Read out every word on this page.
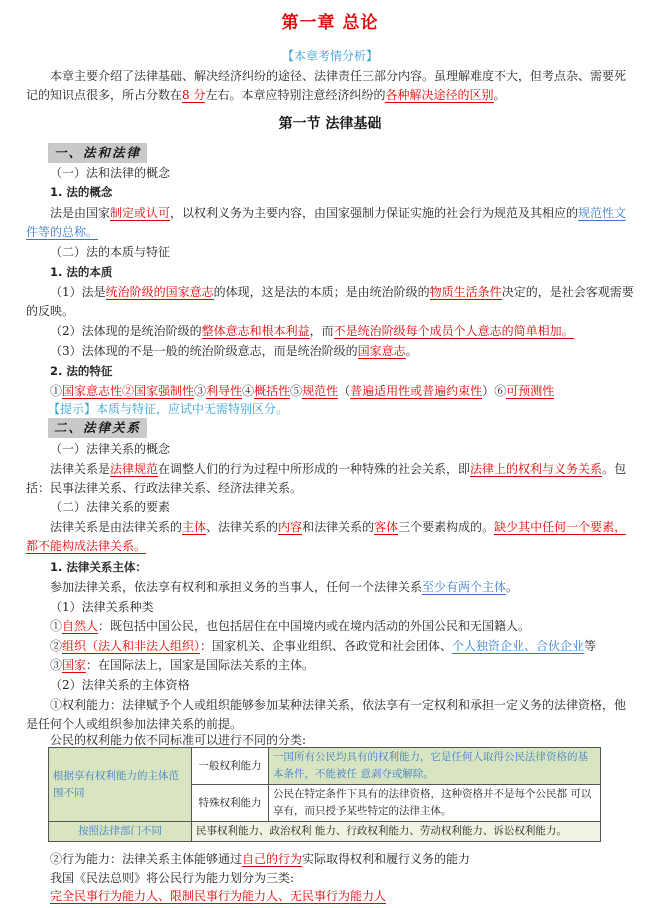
第一章 总论
【本章考情分析】
本章主要介绍了法律基础、解决经济纠纷的途径、法律责任三部分内容。虽理解难度不大，但考点杂、需要死
记的知识点很多，所占分数在8 分左右。本章应特别注意经济纠纷的各种解决途径的区别。
第一节 法律基础
一、法和法律
（一）法和法律的概念
1. 法的概念
法是由国家制定或认可，以权利义务为主要内容，由国家强制力保证实施的社会行为规范及其相应的规范性文
件等的总称。
（二）法的本质与特征
1. 法的本质
（1）法是统治阶级的国家意志的体现，这是法的本质；是由统治阶级的物质生活条件决定的，是社会客观需要
的反映。
（2）法体现的是统治阶级的整体意志和根本利益，而不是统治阶级每个成员个人意志的简单相加。
（3）法体现的不是一般的统治阶级意志，而是统治阶级的国家意志。
2. 法的特征
①国家意志性②国家强制性③利导性④概括性⑤规范性（普遍适用性或普遍约束性）⑥可预测性
【提示】本质与特征，应试中无需特别区分。
二、法律关系
（一）法律关系的概念
法律关系是法律规范在调整人们的行为过程中所形成的一种特殊的社会关系，即法律上的权利与义务关系。包
括：民事法律关系、行政法律关系、经济法律关系。
（二）法律关系的要素
法律关系是由法律关系的主体、法律关系的内容和法律关系的客体三个要素构成的。缺少其中任何一个要素，
都不能构成法律关系。
1. 法律关系主体：
参加法律关系，依法享有权利和承担义务的当事人，任何一个法律关系至少有两个主体。
（1）法律关系种类
①自然人：既包括中国公民，也包括居住在中国境内或在境内活动的外国公民和无国籍人。
②组织（法人和非法人组织）：国家机关、企事业组织、各政党和社会团体、个人独资企业、合伙企业等
③国家：在国际法上，国家是国际法关系的主体。
（2）法律关系的主体资格
①权利能力：法律赋予个人或组织能够参加某种法律关系，依法享有一定权利和承担一定义务的法律资格，他
是任何个人或组织参加法律关系的前提。
公民的权利能力依不同标准可以进行不同的分类:
根据享有权利能力的主体范围不同	一般权利能力	一国所有公民均具有的权利能力，它是任何人取得公民法律资格的基本条件，不能被任 意剥夺或解除。
	特殊权利能力	公民在特定条件下具有的法律资格，这种资格并不是每个公民都 可以享有，而只授予某些特定的法律主体。
按照法律部门不同	民事权利能力、政治权利 能力、行政权利能力、劳动权利能力、诉讼权利能力。	
②行为能力：法律关系主体能够通过自己的行为实际取得权利和履行义务的能力
我国《民法总则》将公民行为能力划分为三类:
完全民事行为能力人、限制民事行为能力人、无民事行为能力人
